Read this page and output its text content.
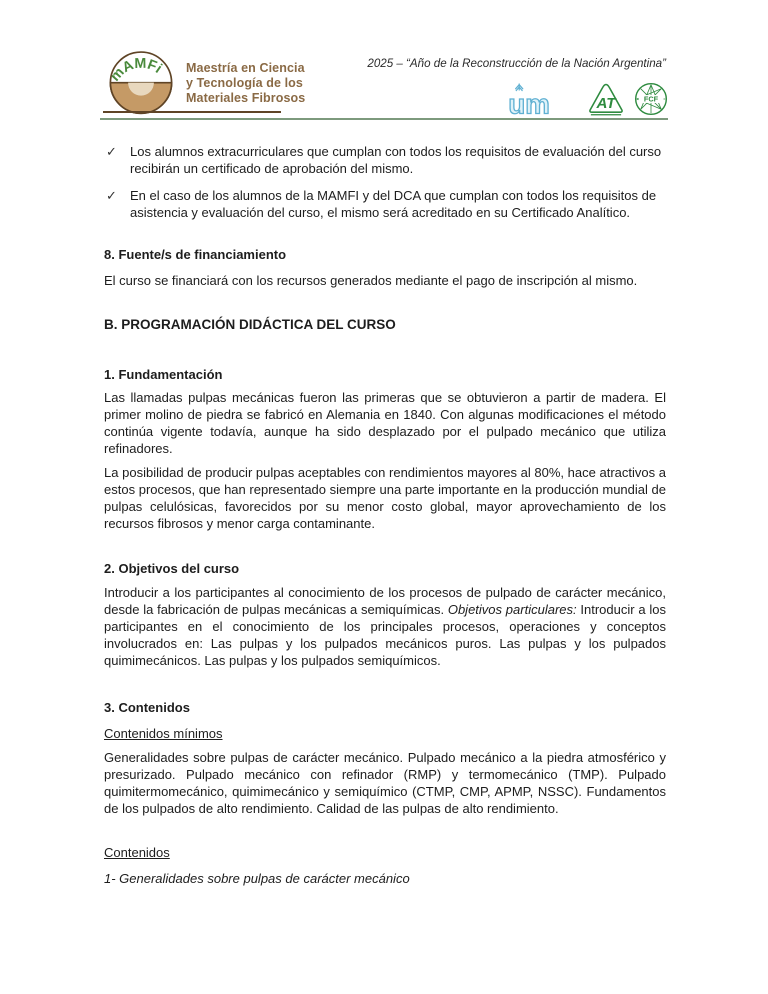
mAMFi Maestría en Ciencia
y Tecnología de los
Materiales Fibrosos
2025 – “Año de la Reconstrucción de la Nación Argentina”
um AT FCF
✓ Los alumnos extracurriculares que cumplan con todos los requisitos de evaluación del curso recibirán un certificado de aprobación del mismo.
✓ En el caso de los alumnos de la MAMFI y del DCA que cumplan con todos los requisitos de asistencia y evaluación del curso, el mismo será acreditado en su Certificado Analítico.
8. Fuente/s de financiamiento
El curso se financiará con los recursos generados mediante el pago de inscripción al mismo.
B. PROGRAMACIÓN DIDÁCTICA DEL CURSO
1. Fundamentación
Las llamadas pulpas mecánicas fueron las primeras que se obtuvieron a partir de madera. El primer molino de piedra se fabricó en Alemania en 1840. Con algunas modificaciones el método continúa vigente todavía, aunque ha sido desplazado por el pulpado mecánico que utiliza refinadores.
La posibilidad de producir pulpas aceptables con rendimientos mayores al 80%, hace atractivos a estos procesos, que han representado siempre una parte importante en la producción mundial de pulpas celulósicas, favorecidos por su menor costo global, mayor aprovechamiento de los recursos fibrosos y menor carga contaminante.
2. Objetivos del curso
Introducir a los participantes al conocimiento de los procesos de pulpado de carácter mecánico, desde la fabricación de pulpas mecánicas a semiquímicas. Objetivos particulares: Introducir a los participantes en el conocimiento de los principales procesos, operaciones y conceptos involucrados en: Las pulpas y los pulpados mecánicos puros. Las pulpas y los pulpados quimimecánicos. Las pulpas y los pulpados semiquímicos.
3. Contenidos
Contenidos mínimos
Generalidades sobre pulpas de carácter mecánico. Pulpado mecánico a la piedra atmosférico y presurizado. Pulpado mecánico con refinador (RMP) y termomecánico (TMP). Pulpado quimitermomecánico, quimimecánico y semiquímico (CTMP, CMP, APMP, NSSC). Fundamentos de los pulpados de alto rendimiento. Calidad de las pulpas de alto rendimiento.
Contenidos
1- Generalidades sobre pulpas de carácter mecánico
